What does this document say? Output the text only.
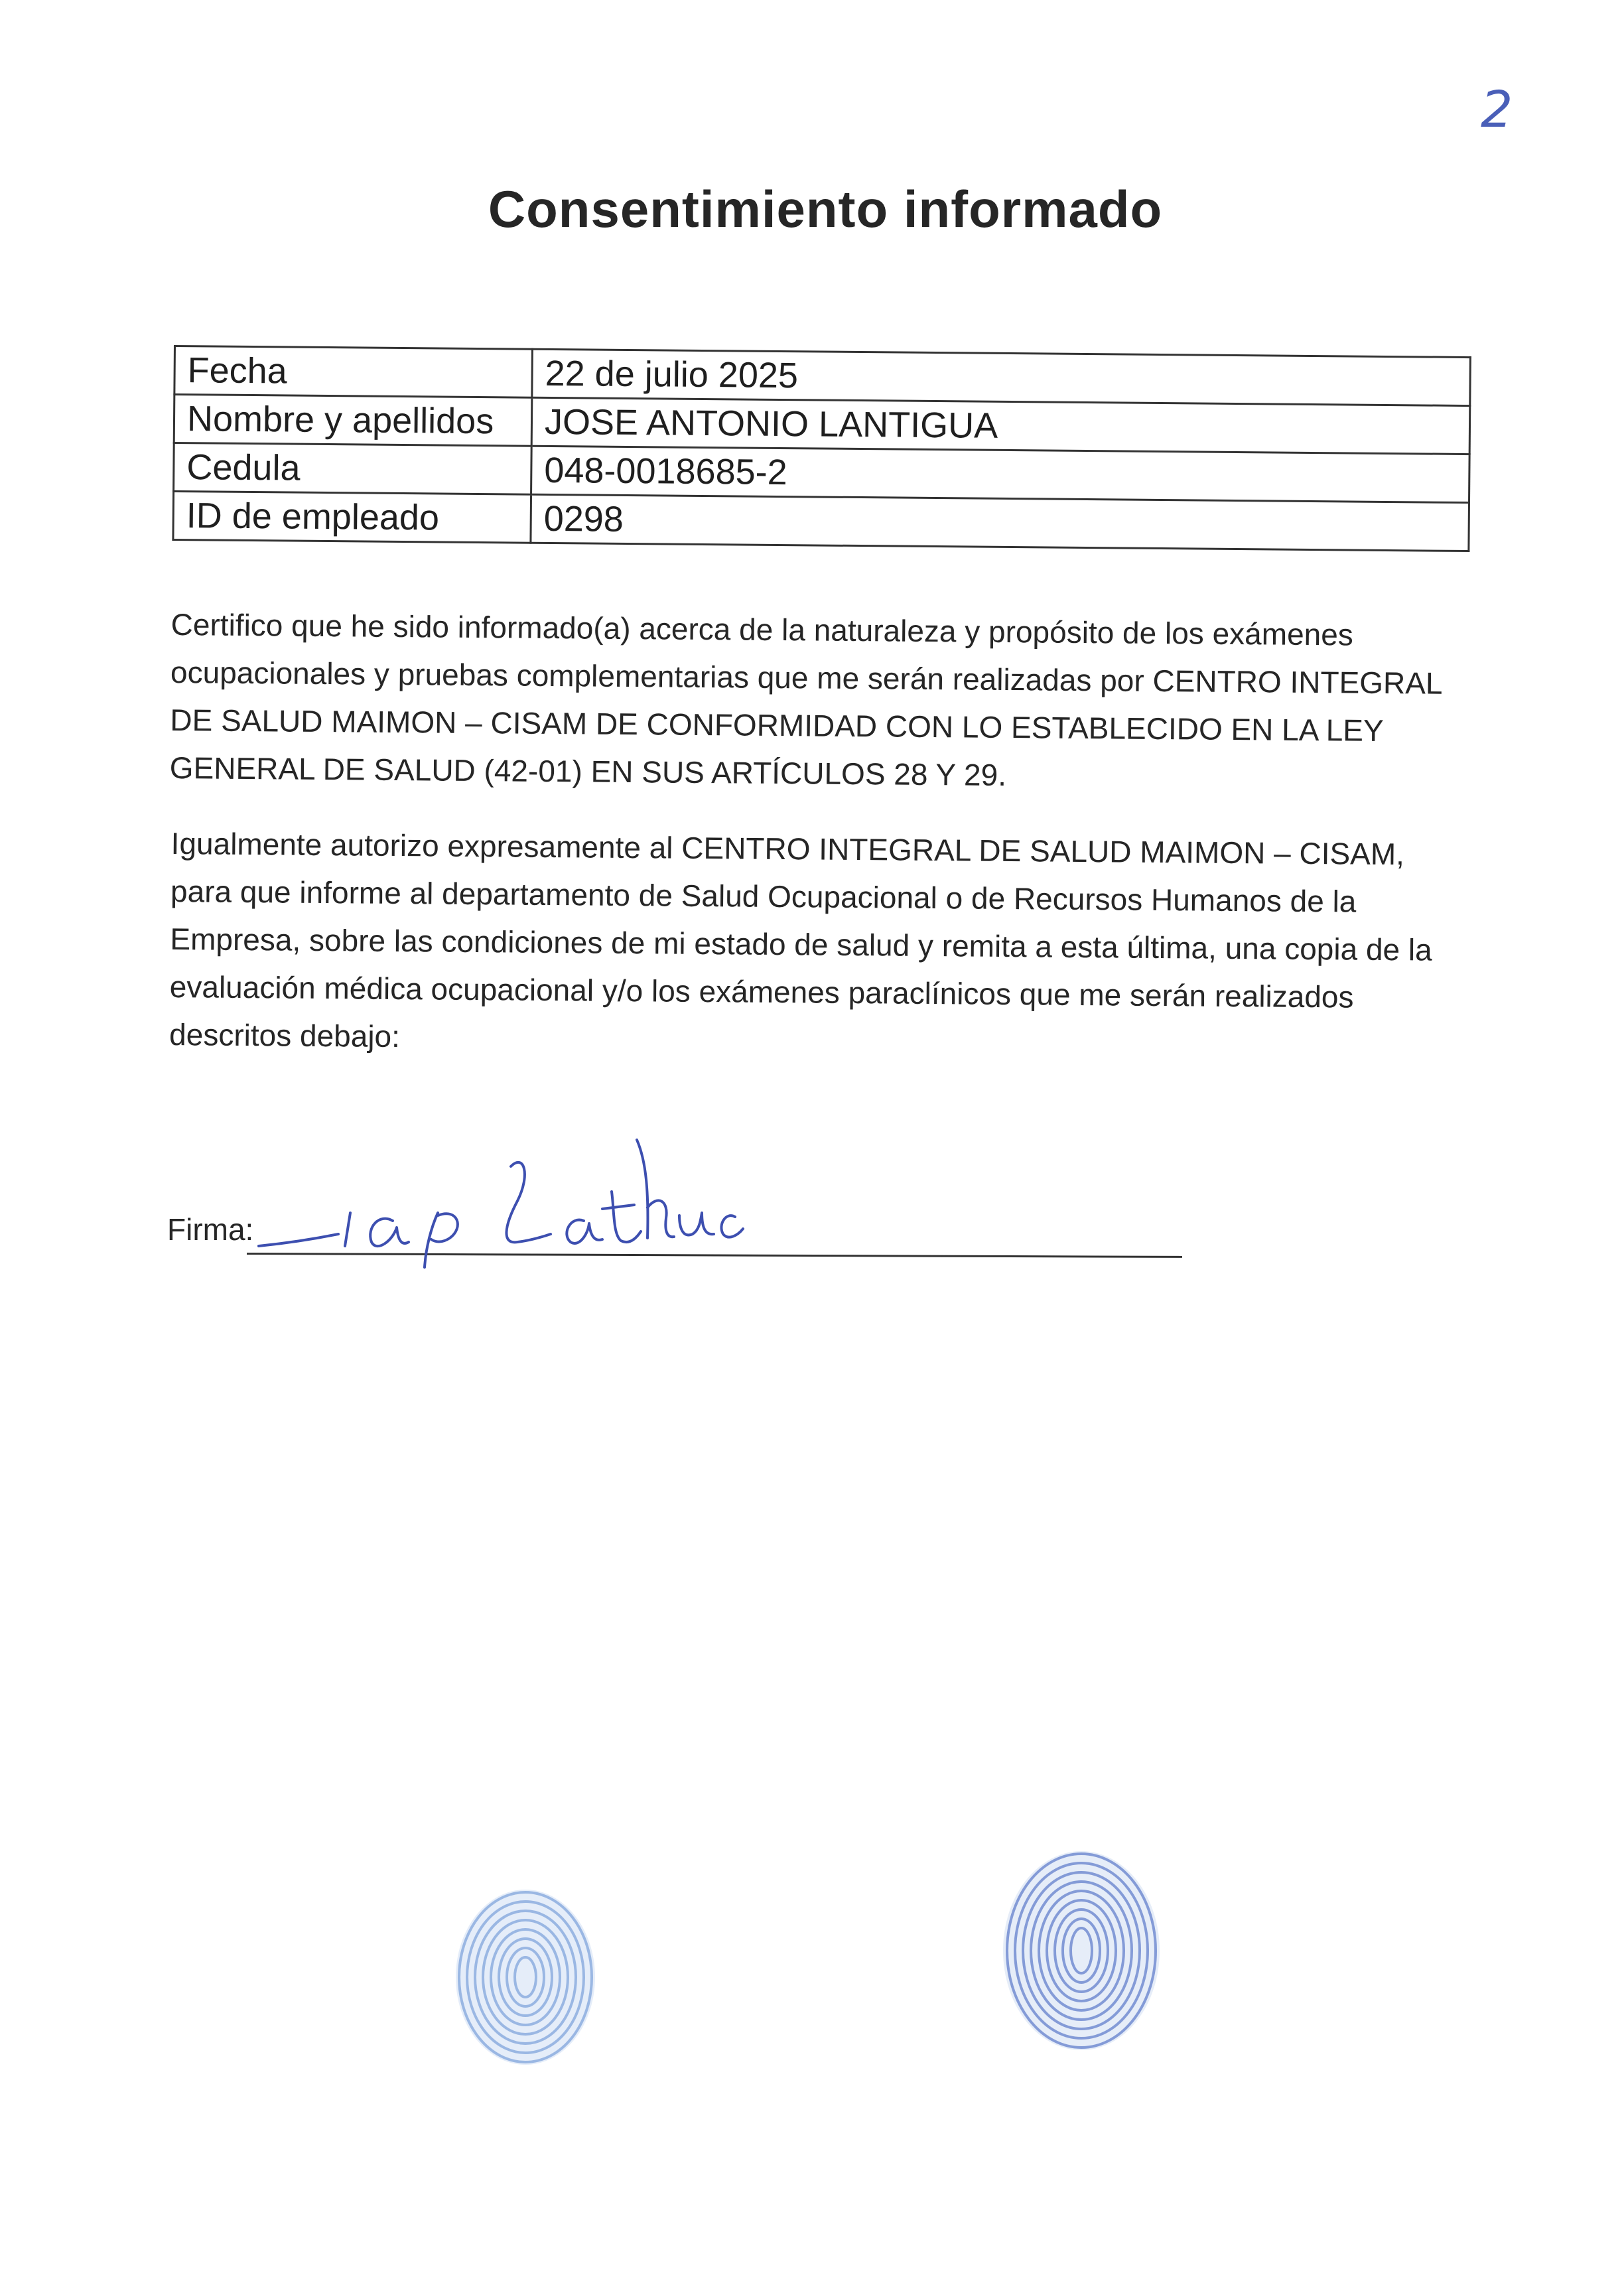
2
Consentimiento informado
Fecha	22 de julio 2025
Nombre y apellidos	JOSE ANTONIO LANTIGUA
Cedula	048-0018685-2
ID de empleado	0298

Certifico que he sido informado(a) acerca de la naturaleza y propósito de los exámenes ocupacionales y pruebas complementarias que me serán realizadas por CENTRO INTEGRAL DE SALUD MAIMON – CISAM DE CONFORMIDAD CON LO ESTABLECIDO EN LA LEY GENERAL DE SALUD (42-01) EN SUS ARTÍCULOS 28 Y 29.

Igualmente autorizo expresamente al CENTRO INTEGRAL DE SALUD MAIMON – CISAM, para que informe al departamento de Salud Ocupacional o de Recursos Humanos de la Empresa, sobre las condiciones de mi estado de salud y remita a esta última, una copia de la evaluación médica ocupacional y/o los exámenes paraclínicos que me serán realizados descritos debajo:

Firma:
